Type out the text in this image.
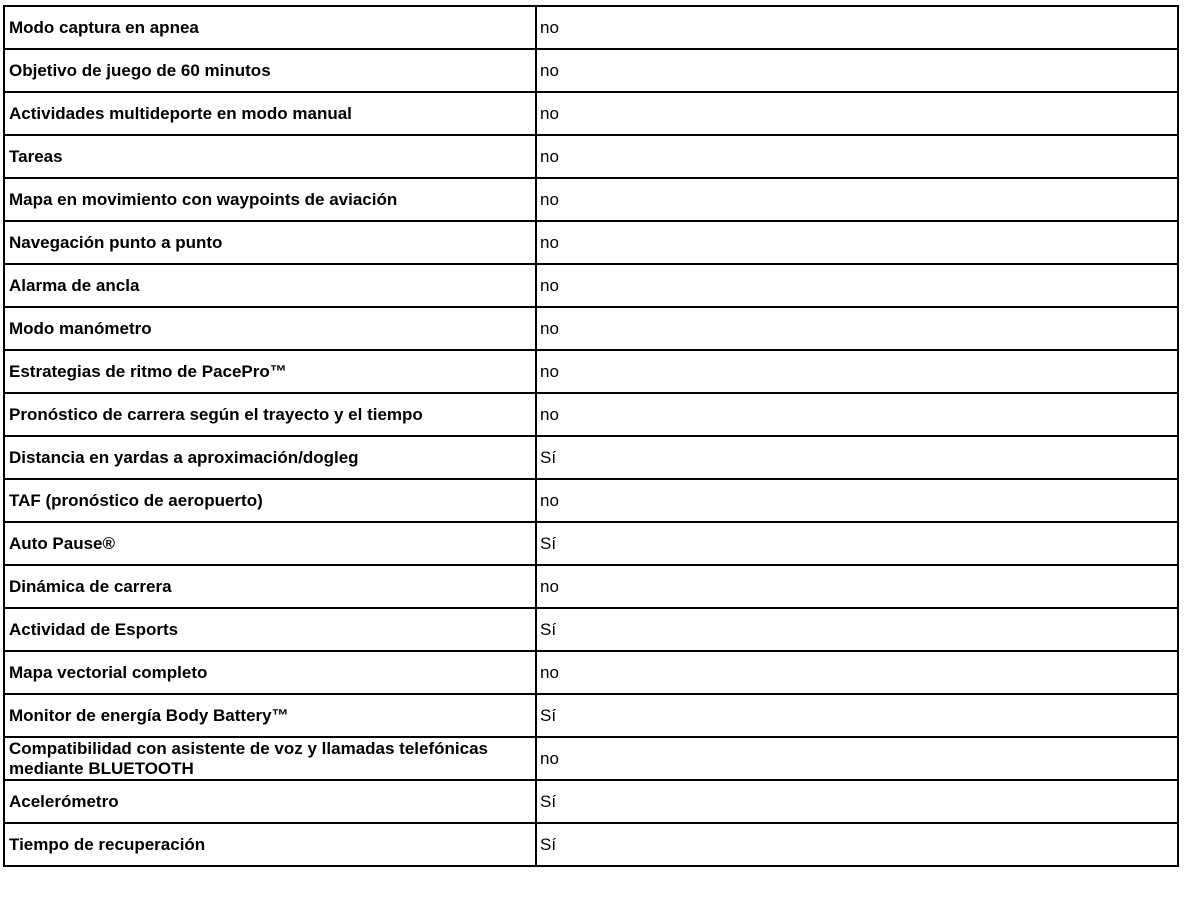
Modo captura en apnea	no
Objetivo de juego de 60 minutos	no
Actividades multideporte en modo manual	no
Tareas	no
Mapa en movimiento con waypoints de aviación	no
Navegación punto a punto	no
Alarma de ancla	no
Modo manómetro	no
Estrategias de ritmo de PacePro™	no
Pronóstico de carrera según el trayecto y el tiempo	no
Distancia en yardas a aproximación/dogleg	Sí
TAF (pronóstico de aeropuerto)	no
Auto Pause®	Sí
Dinámica de carrera	no
Actividad de Esports	Sí
Mapa vectorial completo	no
Monitor de energía Body Battery™	Sí
Compatibilidad con asistente de voz y llamadas telefónicas mediante BLUETOOTH	no
Acelerómetro	Sí
Tiempo de recuperación	Sí
